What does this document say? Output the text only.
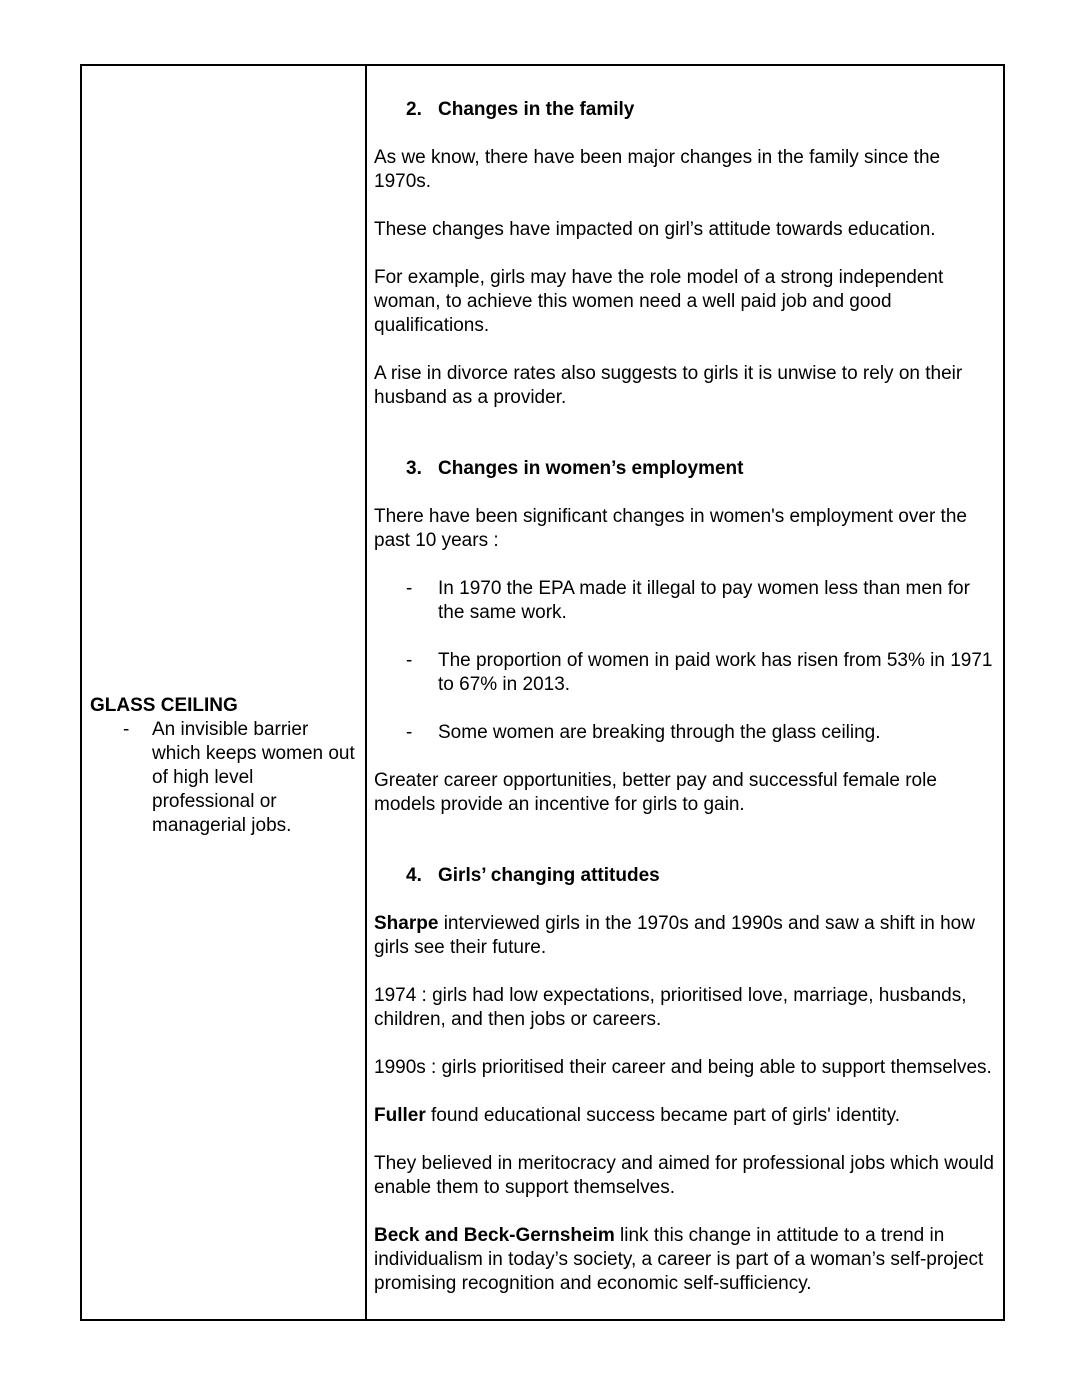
GLASS CEILING
-	An invisible barrier which keeps women out of high level professional or managerial jobs.
2. Changes in the family

As we know, there have been major changes in the family since the 1970s.

These changes have impacted on girl’s attitude towards education.

For example, girls may have the role model of a strong independent woman, to achieve this women need a well paid job and good qualifications.

A rise in divorce rates also suggests to girls it is unwise to rely on their husband as a provider.

3. Changes in women’s employment

There have been significant changes in women's employment over the past 10 years :

-	In 1970 the EPA made it illegal to pay women less than men for the same work.
-	The proportion of women in paid work has risen from 53% in 1971 to 67% in 2013.
-	Some women are breaking through the glass ceiling.

Greater career opportunities, better pay and successful female role models provide an incentive for girls to gain.

4. Girls’ changing attitudes

Sharpe interviewed girls in the 1970s and 1990s and saw a shift in how girls see their future.

1974 : girls had low expectations, prioritised love, marriage, husbands, children, and then jobs or careers.

1990s : girls prioritised their career and being able to support themselves.

Fuller found educational success became part of girls' identity.

They believed in meritocracy and aimed for professional jobs which would enable them to support themselves.

Beck and Beck-Gernsheim link this change in attitude to a trend in individualism in today’s society, a career is part of a woman’s self-project promising recognition and economic self-sufficiency.
